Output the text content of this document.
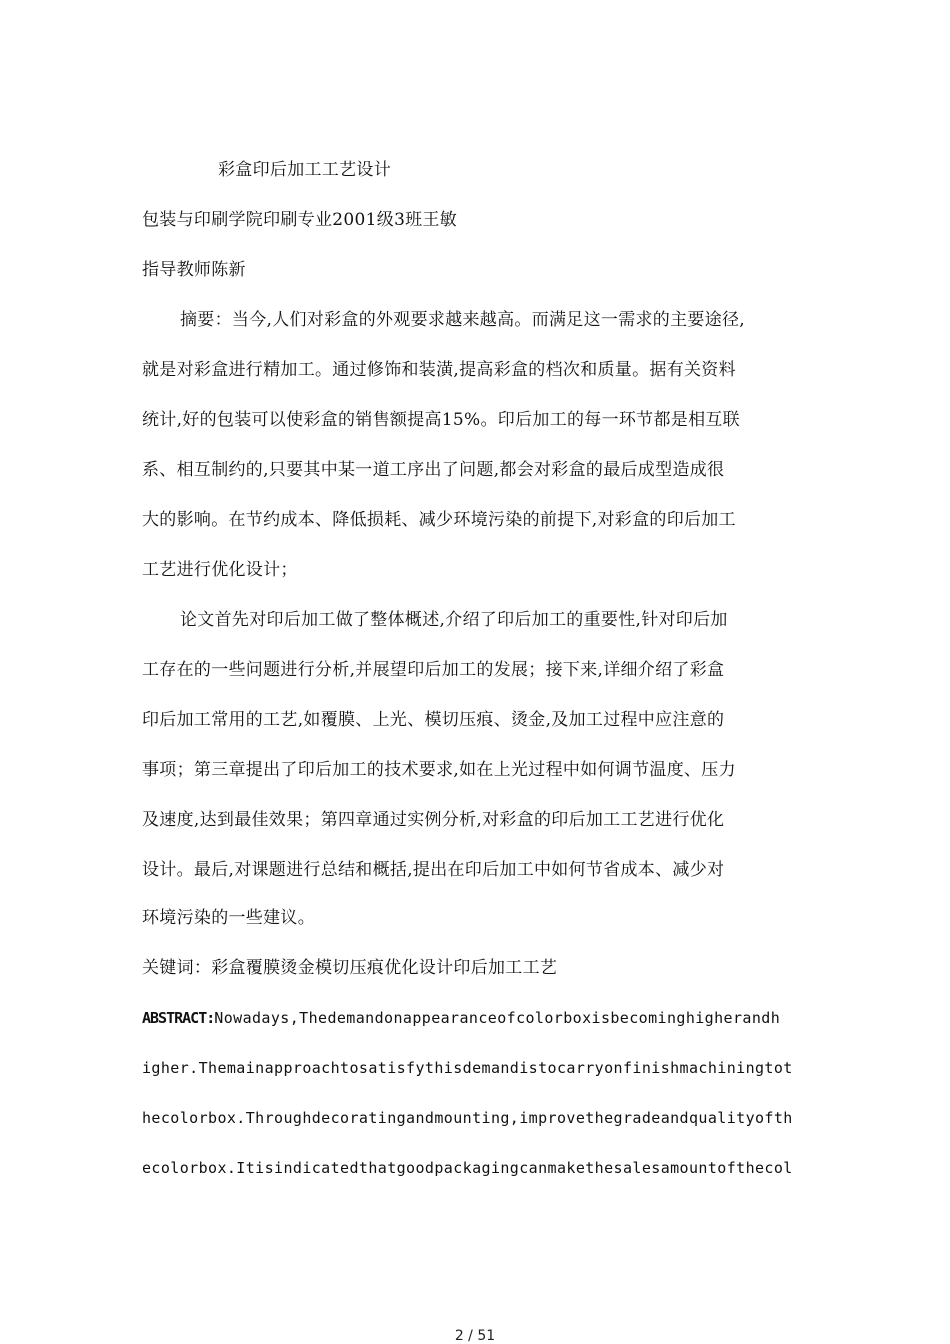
彩盒印后加工工艺设计
包装与印刷学院印刷专业2001级3班王敏
指导教师陈新
摘要：当今,人们对彩盒的外观要求越来越高。而满足这一需求的主要途径,
就是对彩盒进行精加工。通过修饰和装潢,提高彩盒的档次和质量。据有关资料
统计,好的包装可以使彩盒的销售额提高15%。印后加工的每一环节都是相互联
系、相互制约的,只要其中某一道工序出了问题,都会对彩盒的最后成型造成很
大的影响。在节约成本、降低损耗、减少环境污染的前提下,对彩盒的印后加工
工艺进行优化设计；
论文首先对印后加工做了整体概述,介绍了印后加工的重要性,针对印后加
工存在的一些问题进行分析,并展望印后加工的发展；接下来,详细介绍了彩盒
印后加工常用的工艺,如覆膜、上光、模切压痕、烫金,及加工过程中应注意的
事项；第三章提出了印后加工的技术要求,如在上光过程中如何调节温度、压力
及速度,达到最佳效果；第四章通过实例分析,对彩盒的印后加工工艺进行优化
设计。最后,对课题进行总结和概括,提出在印后加工中如何节省成本、减少对
环境污染的一些建议。
关键词：彩盒覆膜烫金模切压痕优化设计印后加工工艺
ABSTRACT:Nowadays,Thedemandonappearanceofcolorboxisbecominghigherandh
igher.Themainapproachtosatisfythisdemandistocarryonfinishmachiningtot
hecolorbox.Throughdecoratingandmounting,improvethegradeandqualityofth
ecolorbox.Itisindicatedthatgoodpackagingcanmakethesalesamountofthecol
2 / 51
